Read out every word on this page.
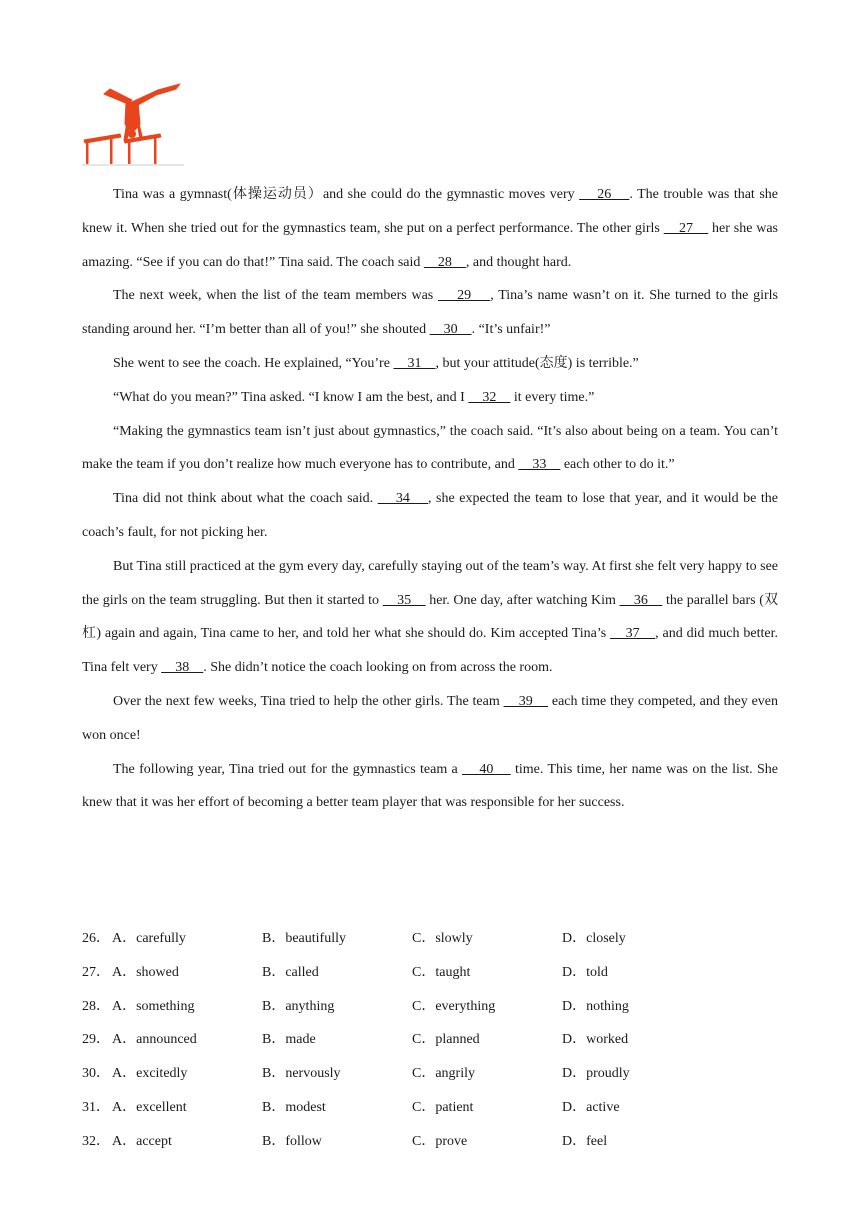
Tina was a gymnast(体操运动员）and she could do the gymnastic moves very     26    . The trouble was that she knew it. When she tried out for the gymnastics team, she put on a perfect performance. The other girls     27     her she was amazing. “See if you can do that!” Tina said. The coach said     28    , and thought hard.

The next week, when the list of the team members was     29    , Tina’s name wasn’t on it. She turned to the girls standing around her. “I’m better than all of you!” she shouted     30    . “It’s unfair!”

She went to see the coach. He explained, “You’re     31    , but your attitude(态度) is terrible.”

“What do you mean?” Tina asked. “I know I am the best, and I     32     it every time.”

“Making the gymnastics team isn’t just about gymnastics,” the coach said. “It’s also about being on a team. You can’t make the team if you don’t realize how much everyone has to contribute, and     33     each other to do it.”

Tina did not think about what the coach said.     34    , she expected the team to lose that year, and it would be the coach’s fault, for not picking her.

But Tina still practiced at the gym every day, carefully staying out of the team’s way. At first she felt very happy to see the girls on the team struggling. But then it started to     35     her. One day, after watching Kim     36     the parallel bars (双杠) again and again, Tina came to her, and told her what she should do. Kim accepted Tina’s     37    , and did much better. Tina felt very     38    . She didn’t notice the coach looking on from across the room.

Over the next few weeks, Tina tried to help the other girls. The team     39     each time they competed, and they even won once!

The following year, Tina tried out for the gymnastics team a     40     time. This time, her name was on the list. She knew that it was her effort of becoming a better team player that was responsible for her success.

26． A．carefully	B．beautifully	C．slowly	D．closely
27． A．showed	B．called	C．taught	D．told
28． A．something	B．anything	C．everything	D．nothing
29． A．announced	B．made	C．planned	D．worked
30． A．excitedly	B．nervously	C．angrily	D．proudly
31． A．excellent	B．modest	C．patient	D．active
32． A．accept	B．follow	C．prove	D．feel
